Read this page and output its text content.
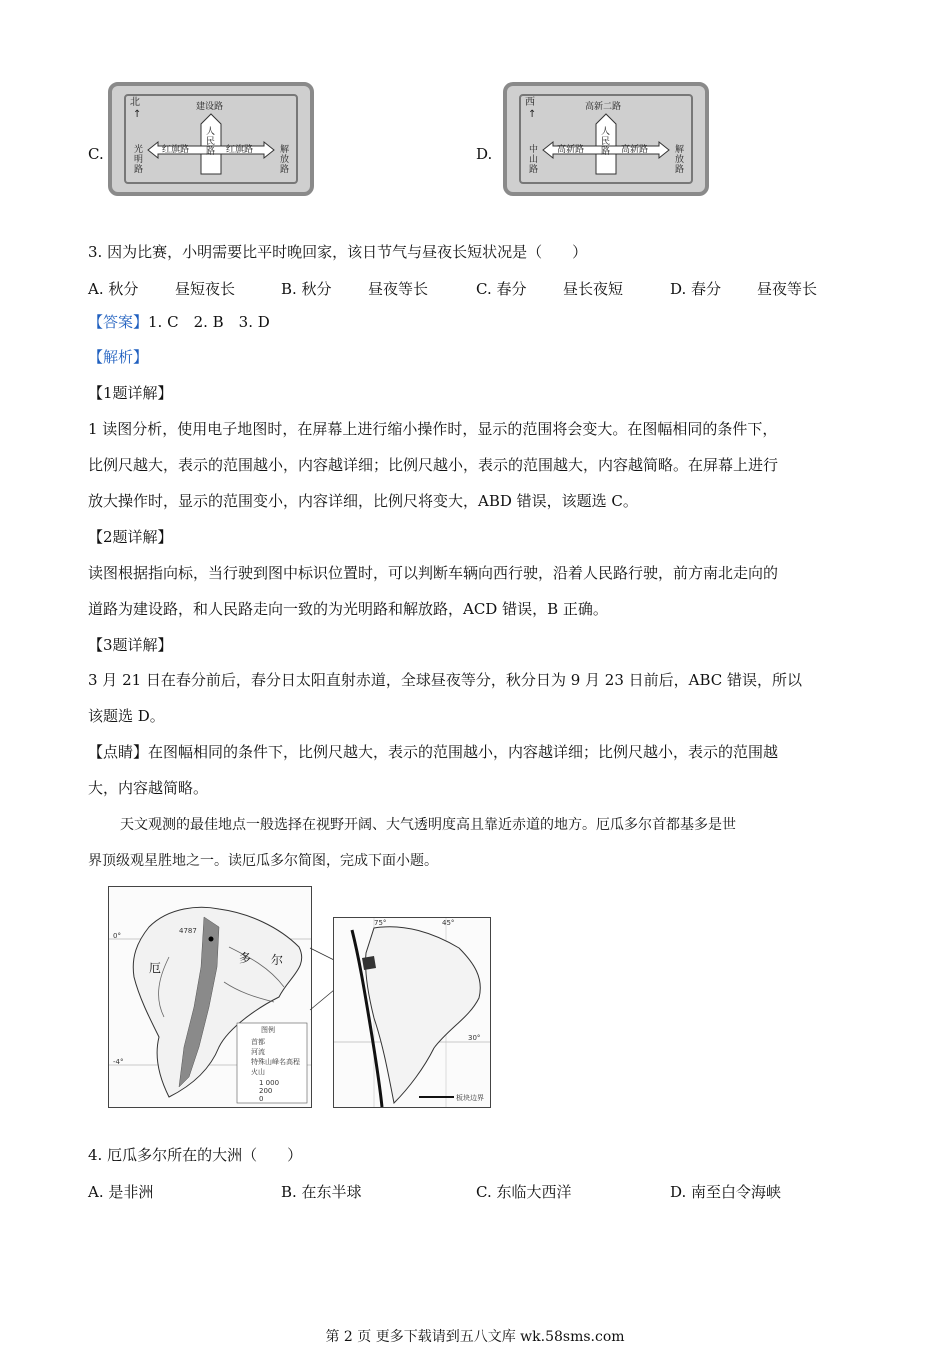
C.
北
↑
建设路
人民路
红旗路	红旗路
光明路	解放路	D.
西
↑
高新二路
人民路
高新路	高新路
中山路	解放路
3. 因为比赛，小明需要比平时晚回家，该日节气与昼夜长短状况是（　　）
A. 秋分 昼短夜长	B. 秋分 昼夜等长	C. 春分 昼长夜短	D. 春分 昼夜等长
【答案】1. C　2. B　3. D
【解析】
【1题详解】
1 读图分析，使用电子地图时，在屏幕上进行缩小操作时，显示的范围将会变大。在图幅相同的条件下，
比例尺越大，表示的范围越小，内容越详细；比例尺越小，表示的范围越大，内容越简略。在屏幕上进行
放大操作时，显示的范围变小，内容详细，比例尺将变大，ABD 错误，该题选 C。
【2题详解】
读图根据指向标，当行驶到图中标识位置时，可以判断车辆向西行驶，沿着人民路行驶，前方南北走向的
道路为建设路，和人民路走向一致的为光明路和解放路，ACD 错误，B 正确。
【3题详解】
3 月 21 日在春分前后，春分日太阳直射赤道，全球昼夜等分，秋分日为 9 月 23 日前后，ABC 错误，所以
该题选 D。
【点睛】在图幅相同的条件下，比例尺越大，表示的范围越小，内容越详细；比例尺越小，表示的范围越
大，内容越简略。
天文观测的最佳地点一般选择在视野开阔、大气透明度高且靠近赤道的地方。厄瓜多尔首都基多是世
界顶级观星胜地之一。读厄瓜多尔简图，完成下面小题。
0°
-4°
4787
厄
多 尔
图例
首都
河流
特殊山峰名高程
火山
1 000
200
0
75°	45°
30°
板块边界
4. 厄瓜多尔所在的大洲（　　）
A. 是非洲	B. 在东半球	C. 东临大西洋	D. 南至白令海峡
第 2 页 更多下载请到五八文库 wk.58sms.com
